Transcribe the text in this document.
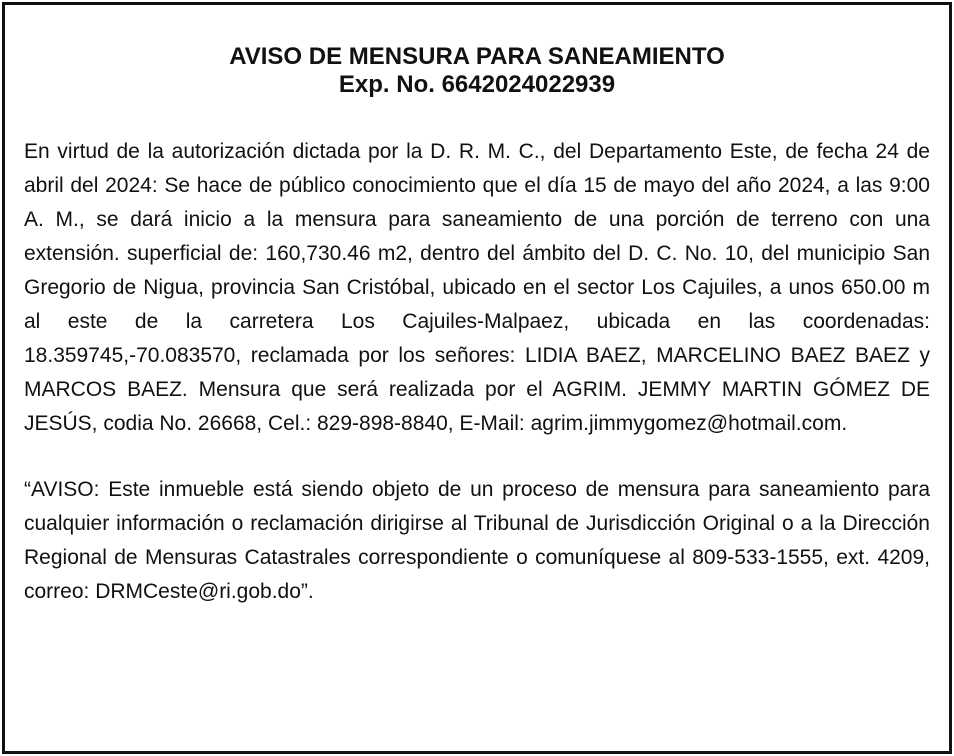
AVISO DE MENSURA PARA SANEAMIENTO
Exp. No. 6642024022939

En virtud de la autorización dictada por la D. R. M. C., del Departamento Este, de fecha 24 de abril del 2024: Se hace de público conocimiento que el día 15 de mayo del año 2024, a las 9:00 A. M., se dará inicio a la mensura para saneamiento de una porción de terreno con una extensión. superficial de: 160,730.46 m2, dentro del ámbito del D. C. No. 10, del municipio San Gregorio de Nigua, provincia San Cristóbal, ubicado en el sector Los Cajuiles, a unos 650.00 m al este de la carretera Los Cajuiles-Malpaez, ubicada en las coordenadas: 18.359745,-70.083570, reclamada por los señores: LIDIA BAEZ, MARCELINO BAEZ BAEZ y MARCOS BAEZ. Mensura que será realizada por el AGRIM. JEMMY MARTIN GÓMEZ DE JESÚS, codia No. 26668, Cel.: 829-898-8840, E-Mail: agrim.jimmygomez@hotmail.com.

“AVISO: Este inmueble está siendo objeto de un proceso de mensura para saneamiento para cualquier información o reclamación dirigirse al Tribunal de Jurisdicción Original o a la Dirección Regional de Mensuras Catastrales correspondiente o comuníquese al 809-533-1555, ext. 4209, correo: DRMCeste@ri.gob.do”.
